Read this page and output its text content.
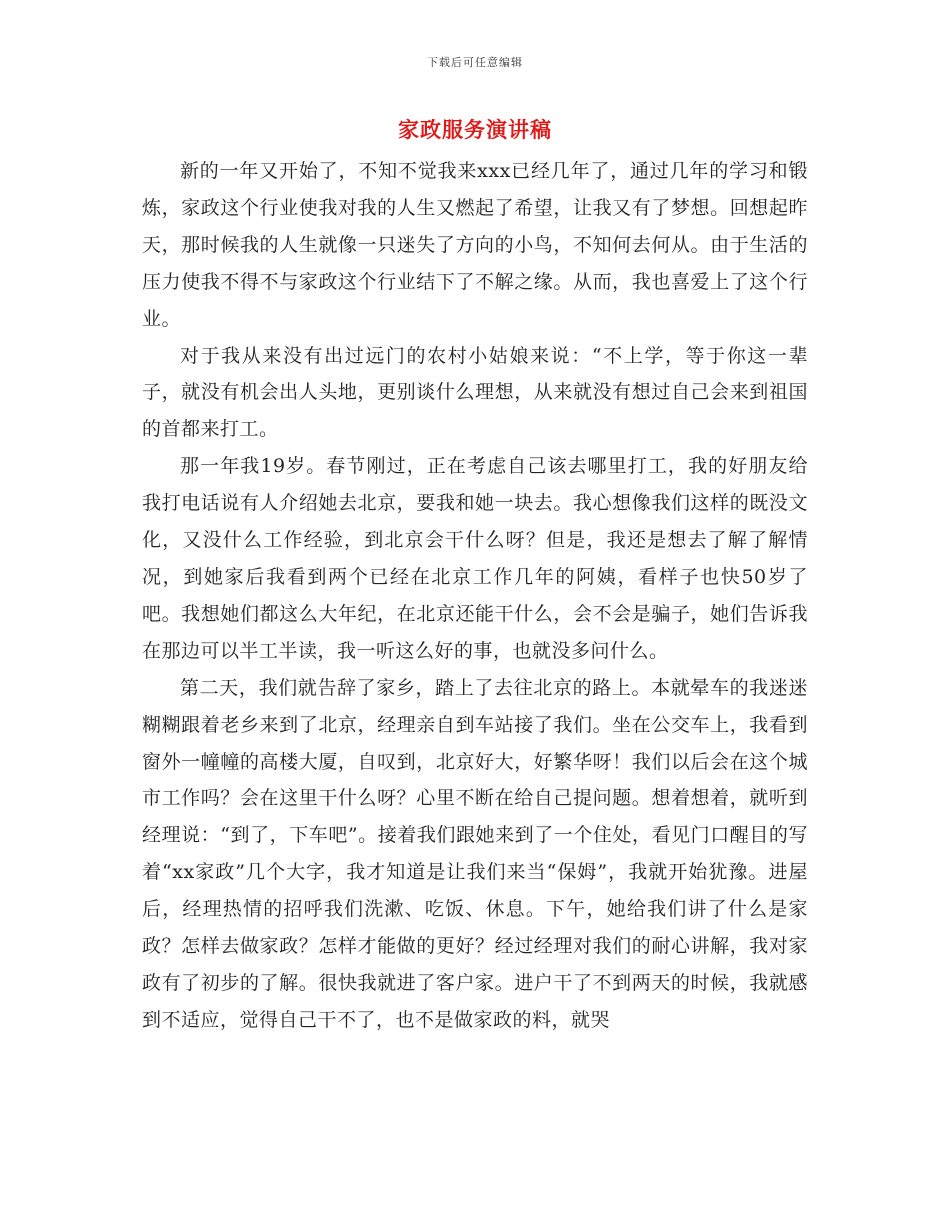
下载后可任意编辑
家政服务演讲稿

新的一年又开始了，不知不觉我来xxx已经几年了，通过几年的学习和锻炼，家政这个行业使我对我的人生又燃起了希望，让我又有了梦想。回想起昨天，那时候我的人生就像一只迷失了方向的小鸟，不知何去何从。由于生活的压力使我不得不与家政这个行业结下了不解之缘。从而，我也喜爱上了这个行业。

对于我从来没有出过远门的农村小姑娘来说：“不上学，等于你这一辈子，就没有机会出人头地，更别谈什么理想，从来就没有想过自己会来到祖国的首都来打工。

那一年我19岁。春节刚过，正在考虑自己该去哪里打工，我的好朋友给我打电话说有人介绍她去北京，要我和她一块去。我心想像我们这样的既没文化，又没什么工作经验，到北京会干什么呀？但是，我还是想去了解了解情况，到她家后我看到两个已经在北京工作几年的阿姨，看样子也快50岁了吧。我想她们都这么大年纪，在北京还能干什么，会不会是骗子，她们告诉我在那边可以半工半读，我一听这么好的事，也就没多问什么。

第二天，我们就告辞了家乡，踏上了去往北京的路上。本就晕车的我迷迷糊糊跟着老乡来到了北京，经理亲自到车站接了我们。坐在公交车上，我看到窗外一幢幢的高楼大厦，自叹到，北京好大，好繁华呀！我们以后会在这个城市工作吗？会在这里干什么呀？心里不断在给自己提问题。想着想着，就听到经理说：“到了，下车吧”。接着我们跟她来到了一个住处，看见门口醒目的写着“xx家政”几个大字，我才知道是让我们来当“保姆”，我就开始犹豫。进屋后，经理热情的招呼我们洗漱、吃饭、休息。下午，她给我们讲了什么是家政？怎样去做家政？怎样才能做的更好？经过经理对我们的耐心讲解，我对家政有了初步的了解。很快我就进了客户家。进户干了不到两天的时候，我就感到不适应，觉得自己干不了，也不是做家政的料，就哭
